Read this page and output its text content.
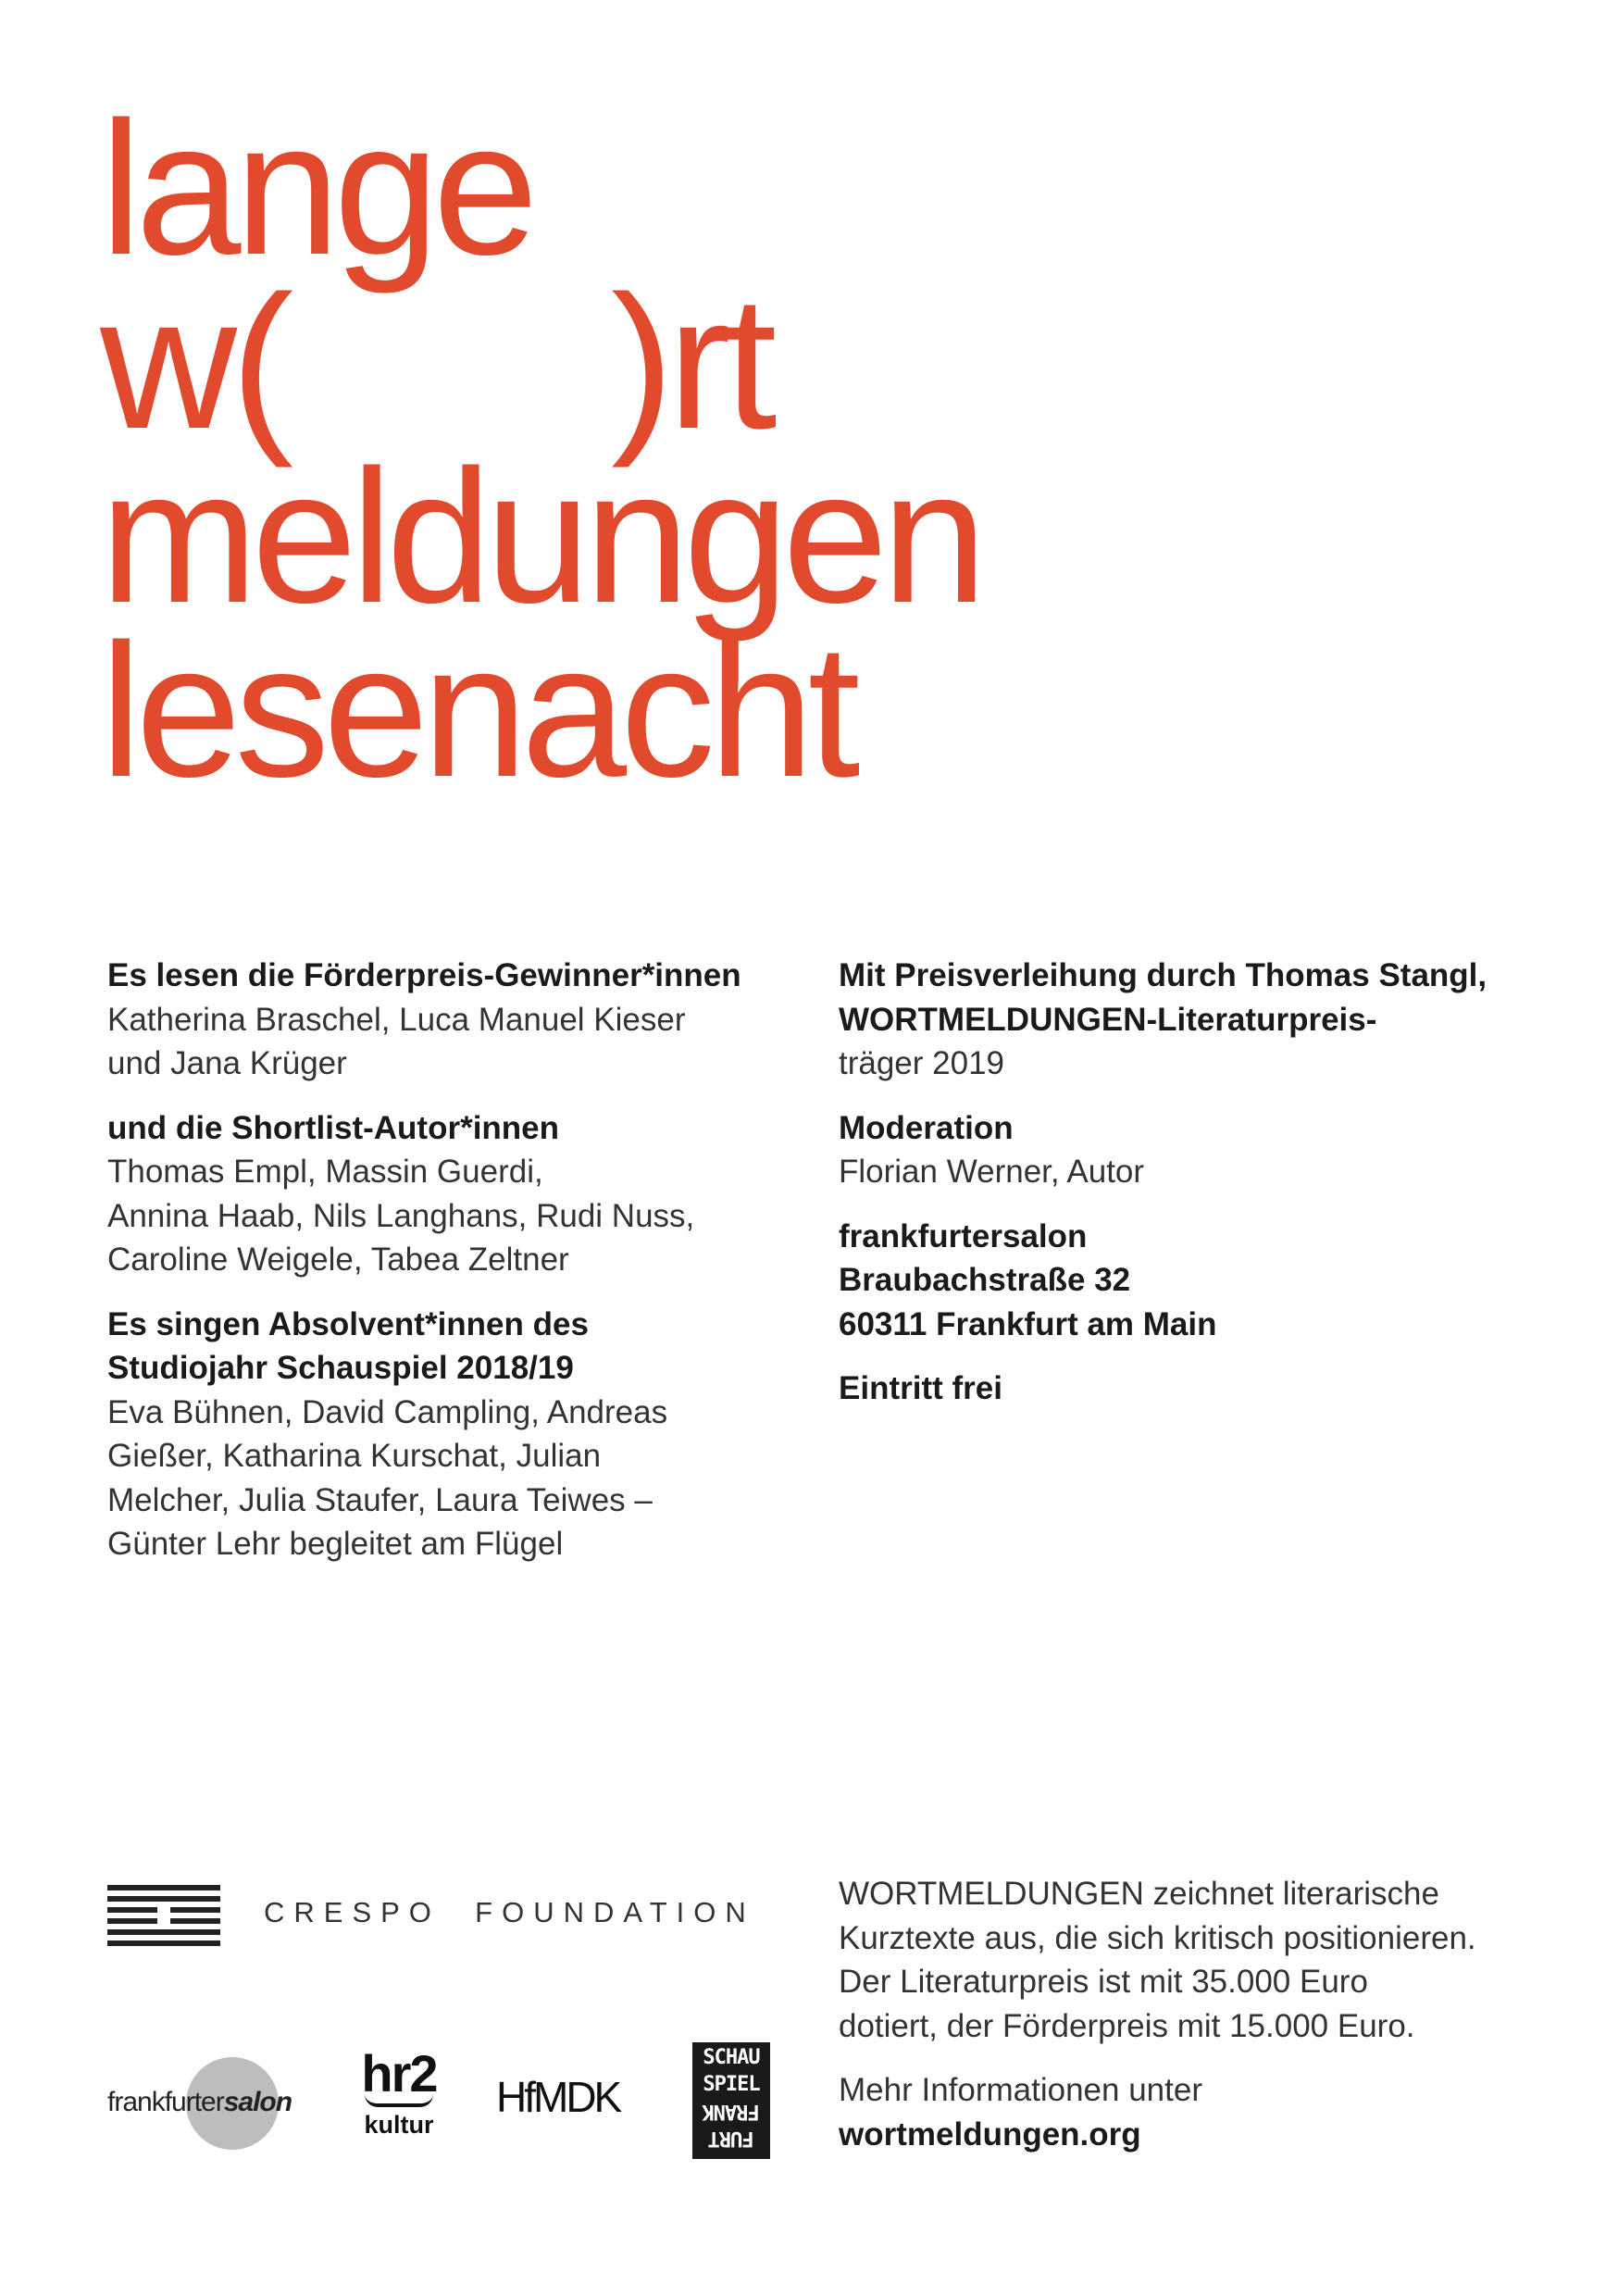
lange
w(       )rt
meldungen
lesenacht

Es lesen die Förderpreis-Gewinner*innen
Katherina Braschel, Luca Manuel Kieser
und Jana Krüger

und die Shortlist-Autor*innen
Thomas Empl, Massin Guerdi,
Annina Haab, Nils Langhans, Rudi Nuss,
Caroline Weigele, Tabea Zeltner

Es singen Absolvent*innen des
Studiojahr Schauspiel 2018/19
Eva Bühnen, David Campling, Andreas
Gießer, Katharina Kurschat, Julian
Melcher, Julia Staufer, Laura Teiwes –
Günter Lehr begleitet am Flügel

Mit Preisverleihung durch Thomas Stangl,
WORTMELDUNGEN-Literaturpreis-
träger 2019

Moderation
Florian Werner, Autor

frankfurtersalon
Braubachstraße 32
60311 Frankfurt am Main

Eintritt frei

WORTMELDUNGEN zeichnet literarische
Kurztexte aus, die sich kritisch positionieren.
Der Literaturpreis ist mit 35.000 Euro
dotiert, der Förderpreis mit 15.000 Euro.

Mehr Informationen unter
wortmeldungen.org

CRESPO  FOUNDATION
frankfurtersalon hr2
kultur
HfMDK
SCHAU
SPIEL
FRANK
FURT
